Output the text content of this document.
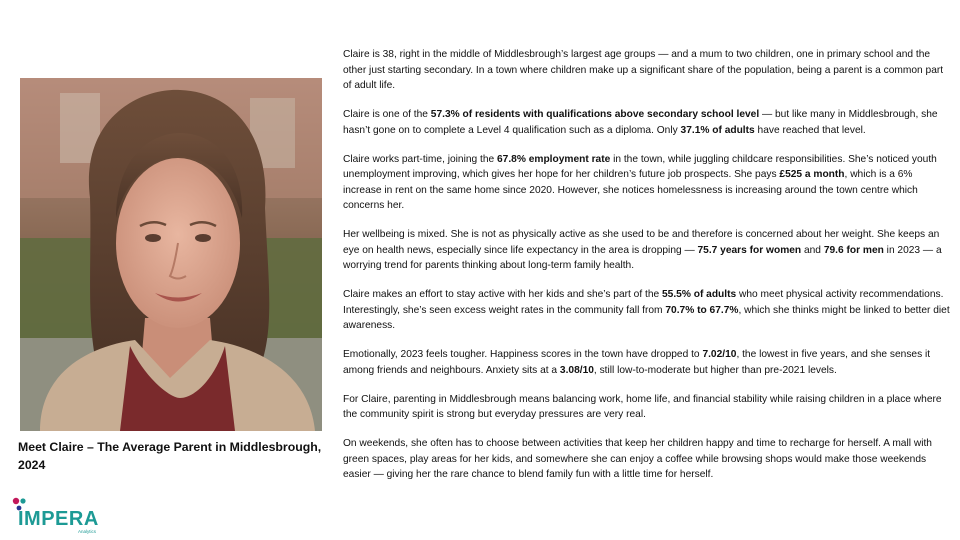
Meet Claire – The Average Parent in Middlesbrough, 2024
IMPERA
Analytics

Claire is 38, right in the middle of Middlesbrough’s largest age groups — and a mum to two children, one in primary school and the other just starting secondary. In a town where children make up a significant share of the population, being a parent is a common part of adult life.

Claire is one of the 57.3% of residents with qualifications above secondary school level — but like many in Middlesbrough, she hasn’t gone on to complete a Level 4 qualification such as a diploma. Only 37.1% of adults have reached that level.

Claire works part-time, joining the 67.8% employment rate in the town, while juggling childcare responsibilities. She’s noticed youth unemployment improving, which gives her hope for her children’s future job prospects. She pays £525 a month, which is a 6% increase in rent on the same home since 2020. However, she notices homelessness is increasing around the town centre which concerns her.

Her wellbeing is mixed. She is not as physically active as she used to be and therefore is concerned about her weight. She keeps an eye on health news, especially since life expectancy in the area is dropping — 75.7 years for women and 79.6 for men in 2023 — a worrying trend for parents thinking about long-term family health.

Claire makes an effort to stay active with her kids and she’s part of the 55.5% of adults who meet physical activity recommendations. Interestingly, she’s seen excess weight rates in the community fall from 70.7% to 67.7%, which she thinks might be linked to better diet awareness.

Emotionally, 2023 feels tougher. Happiness scores in the town have dropped to 7.02/10, the lowest in five years, and she senses it among friends and neighbours. Anxiety sits at a 3.08/10, still low-to-moderate but higher than pre-2021 levels.

For Claire, parenting in Middlesbrough means balancing work, home life, and financial stability while raising children in a place where the community spirit is strong but everyday pressures are very real.

On weekends, she often has to choose between activities that keep her children happy and time to recharge for herself. A mall with green spaces, play areas for her kids, and somewhere she can enjoy a coffee while browsing shops would make those weekends easier — giving her the rare chance to blend family fun with a little time for herself.
